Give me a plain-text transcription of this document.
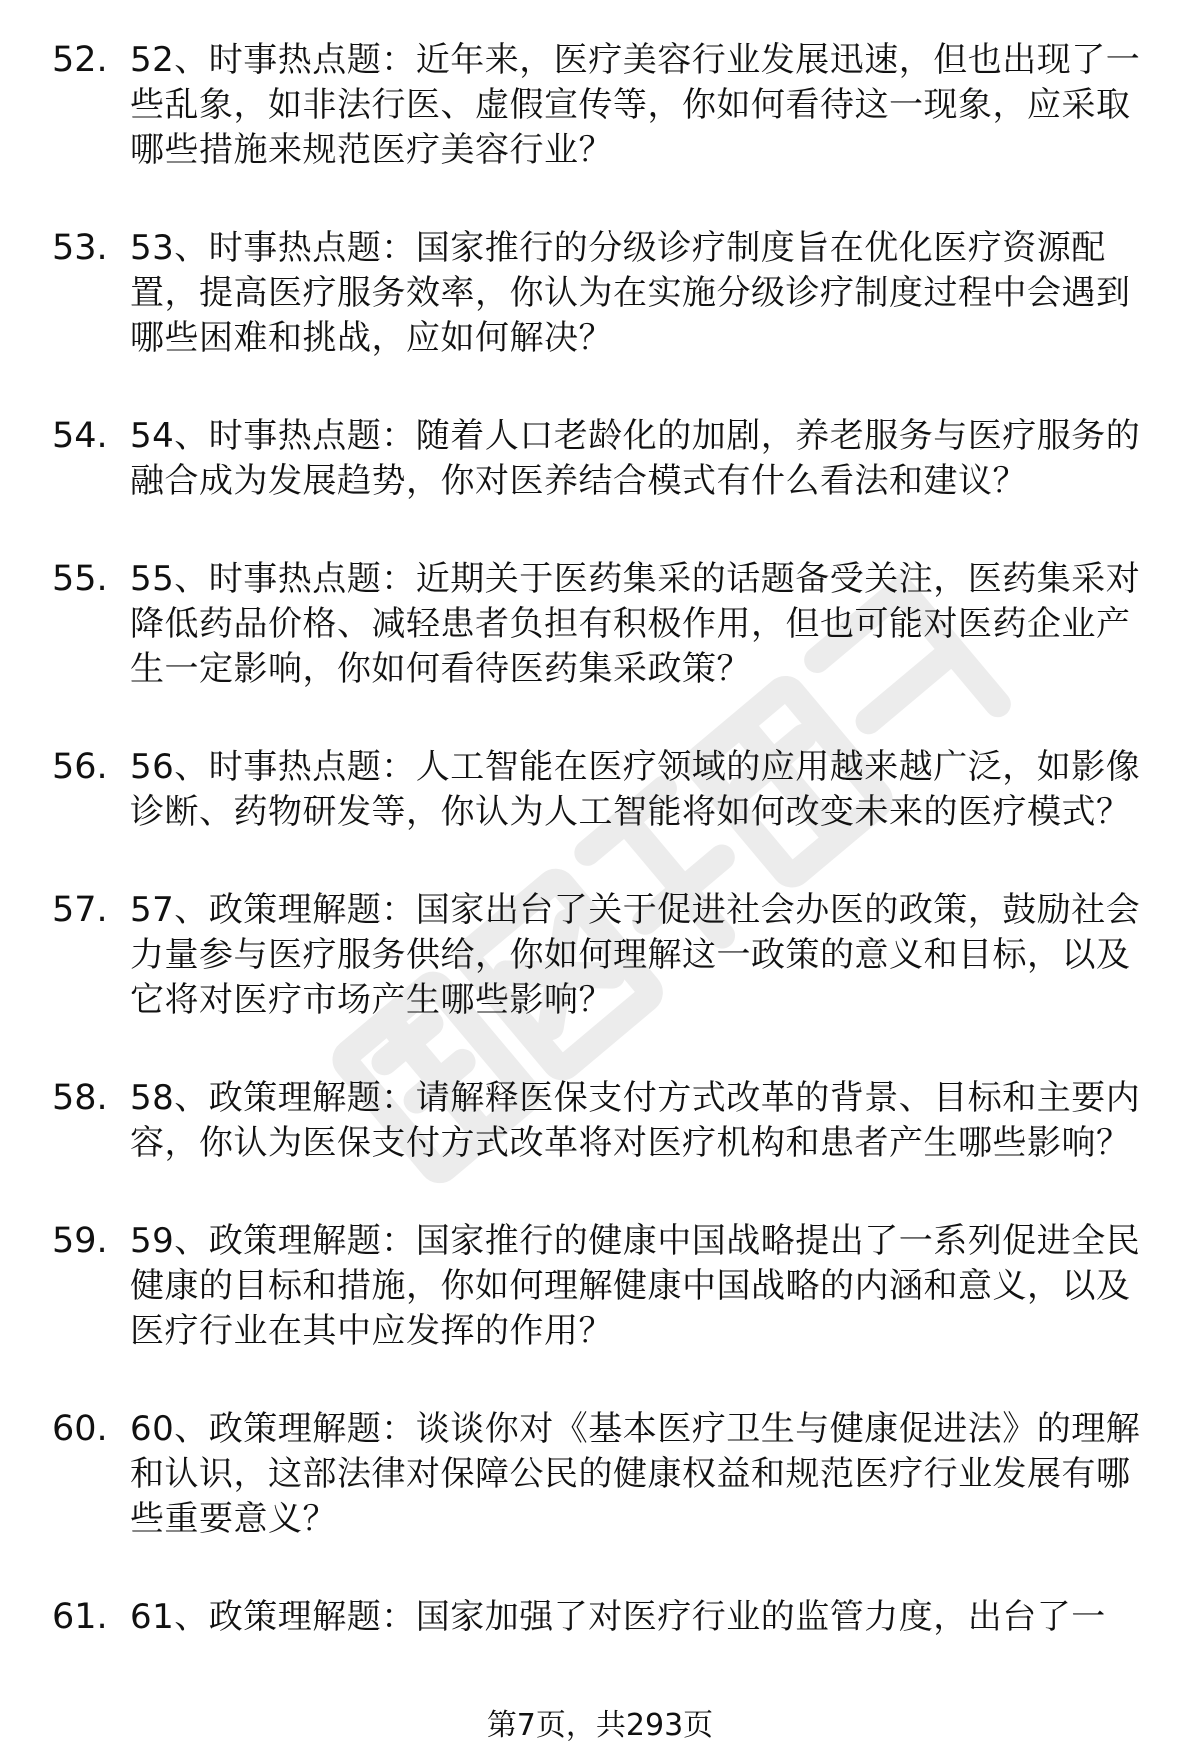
52. 52、时事热点题：近年来，医疗美容行业发展迅速，但也出现了一些乱象，如非法行医、虚假宣传等，你如何看待这一现象，应采取哪些措施来规范医疗美容行业？
53. 53、时事热点题：国家推行的分级诊疗制度旨在优化医疗资源配置，提高医疗服务效率，你认为在实施分级诊疗制度过程中会遇到哪些困难和挑战，应如何解决？
54. 54、时事热点题：随着人口老龄化的加剧，养老服务与医疗服务的融合成为发展趋势，你对医养结合模式有什么看法和建议？
55. 55、时事热点题：近期关于医药集采的话题备受关注，医药集采对降低药品价格、减轻患者负担有积极作用，但也可能对医药企业产生一定影响，你如何看待医药集采政策？
56. 56、时事热点题：人工智能在医疗领域的应用越来越广泛，如影像诊断、药物研发等，你认为人工智能将如何改变未来的医疗模式？
57. 57、政策理解题：国家出台了关于促进社会办医的政策，鼓励社会力量参与医疗服务供给，你如何理解这一政策的意义和目标，以及它将对医疗市场产生哪些影响？
58. 58、政策理解题：请解释医保支付方式改革的背景、目标和主要内容，你认为医保支付方式改革将对医疗机构和患者产生哪些影响？
59. 59、政策理解题：国家推行的健康中国战略提出了一系列促进全民健康的目标和措施，你如何理解健康中国战略的内涵和意义，以及医疗行业在其中应发挥的作用？
60. 60、政策理解题：谈谈你对《基本医疗卫生与健康促进法》的理解和认识，这部法律对保障公民的健康权益和规范医疗行业发展有哪些重要意义？
61. 61、政策理解题：国家加强了对医疗行业的监管力度，出台了一
第7页，共293页
